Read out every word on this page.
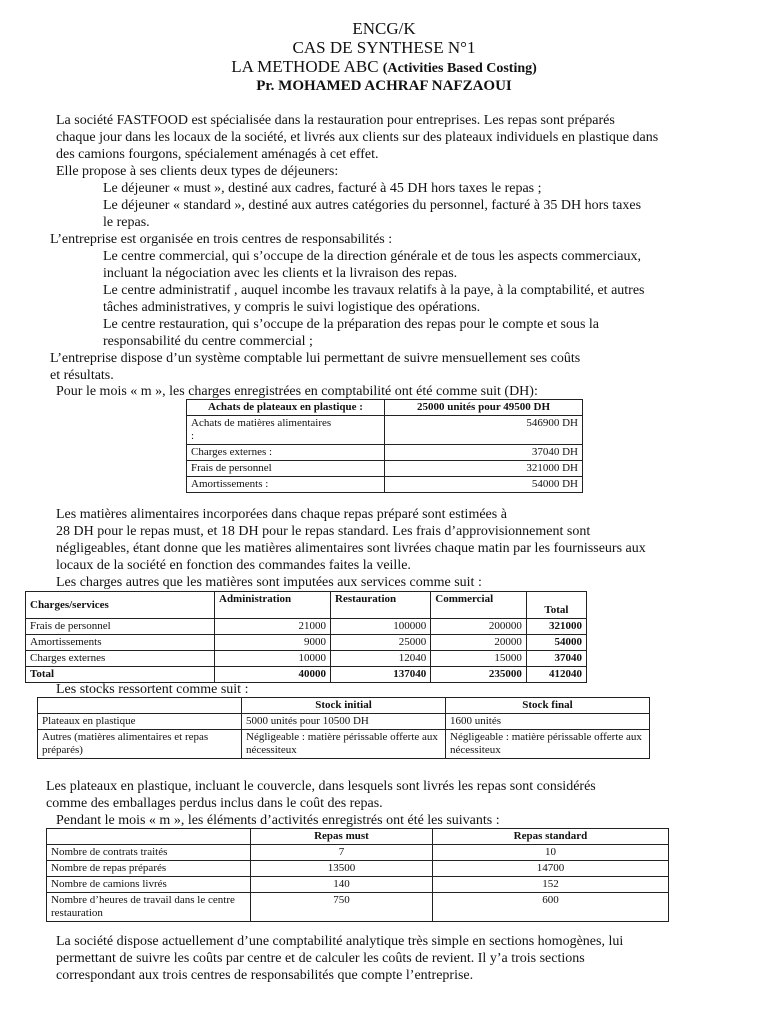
ENCG/K
CAS DE SYNTHESE N°1
LA METHODE ABC (Activities Based Costing)
Pr. MOHAMED ACHRAF NAFZAOUI
La société FASTFOOD est spécialisée dans la restauration pour entreprises. Les repas sont préparés
chaque jour dans les locaux de la société, et livrés aux clients sur des plateaux individuels en plastique dans
des camions fourgons, spécialement aménagés à cet effet.
Elle propose à ses clients deux types de déjeuners:
Le déjeuner « must », destiné aux cadres, facturé à 45 DH hors taxes le repas ;
Le déjeuner « standard », destiné aux autres catégories du personnel, facturé à 35 DH hors taxes
le repas.
L’entreprise est organisée en trois centres de responsabilités :
Le centre commercial, qui s’occupe de la direction générale et de tous les aspects commerciaux,
incluant la négociation avec les clients et la livraison des repas.
Le centre administratif , auquel incombe les travaux relatifs à la paye, à la comptabilité, et autres
tâches administratives, y compris le suivi logistique des opérations.
Le centre restauration, qui s’occupe de la préparation des repas pour le compte et sous la
responsabilité du centre commercial ;
L’entreprise dispose d’un système comptable lui permettant de suivre mensuellement ses coûts
et résultats.
Pour le mois « m », les charges enregistrées en comptabilité ont été comme suit (DH):
Achats de plateaux en plastique :	25000 unités pour 49500 DH
Achats de matières alimentaires :	546900 DH
Charges externes :	37040 DH
Frais de personnel	321000 DH
Amortissements :	54000 DH
Les matières alimentaires incorporées dans chaque repas préparé sont estimées à
28 DH pour le repas must, et 18 DH pour le repas standard. Les frais d’approvisionnement sont
négligeables, étant donne que les matières alimentaires sont livrées chaque matin par les fournisseurs aux
locaux de la société en fonction des commandes faites la veille.
Les charges autres que les matières sont imputées aux services comme suit :
Charges/services	Administration	Restauration	Commercial	Total
Frais de personnel	21000	100000	200000	321000
Amortissements	9000	25000	20000	54000
Charges externes	10000	12040	15000	37040
Total	40000	137040	235000	412040
Les stocks ressortent comme suit :
	Stock initial	Stock final
Plateaux en plastique	5000 unités pour 10500 DH	1600 unités
Autres (matières alimentaires et repas préparés)	Négligeable : matière périssable offerte aux nécessiteux	Négligeable : matière périssable offerte aux nécessiteux
Les plateaux en plastique, incluant le couvercle, dans lesquels sont livrés les repas sont considérés
comme des emballages perdus inclus dans le coût des repas.
Pendant le mois « m », les éléments d’activités enregistrés ont été les suivants :
	Repas must	Repas standard
Nombre de contrats traités	7	10
Nombre de repas préparés	13500	14700
Nombre de camions livrés	140	152
Nombre d’heures de travail dans le centre restauration	750	600
La société dispose actuellement d’une comptabilité analytique très simple en sections homogènes, lui
permettant de suivre les coûts par centre et de calculer les coûts de revient. Il y’a trois sections
correspondant aux trois centres de responsabilités que compte l’entreprise.
